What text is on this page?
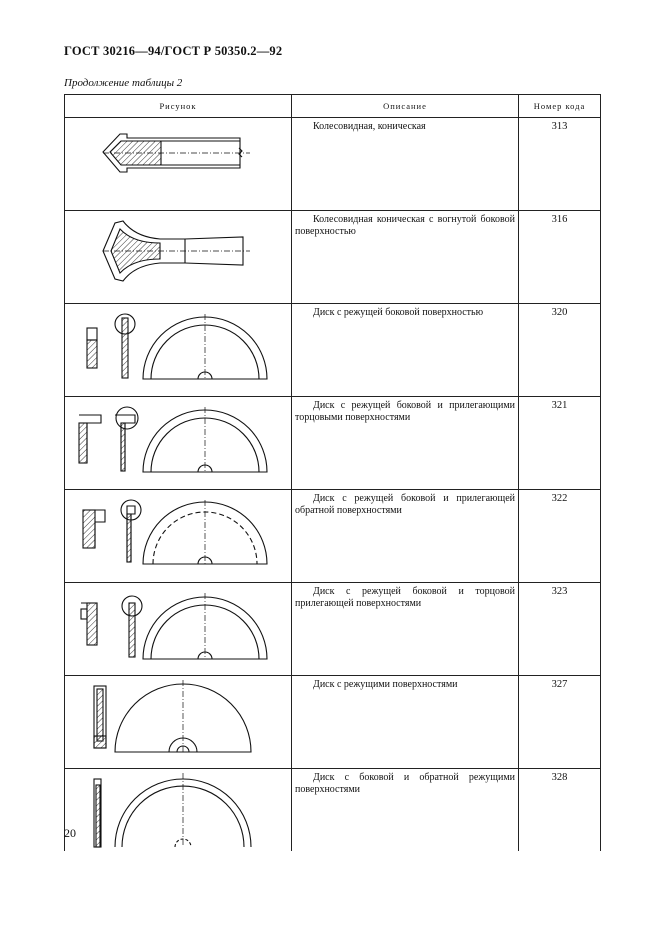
ГОСТ 30216—94/ГОСТ Р 50350.2—92
Продолжение таблицы 2
Рисунок	Описание	Номер кода

Колесовидная, коническая	313

Колесовидная коническая с вогнутой боковой поверхностью	316

Диск с режущей боковой поверхностью	320

Диск с режущей боковой и прилегающими торцовыми поверхностями	321

Диск с режущей боковой и прилегающей обратной поверхностями	322

Диск с режущей боковой и торцовой прилегающей поверхностями	323

Диск с режущими поверхностями	327

Диск с боковой и обратной режущими поверхностями	328
20
